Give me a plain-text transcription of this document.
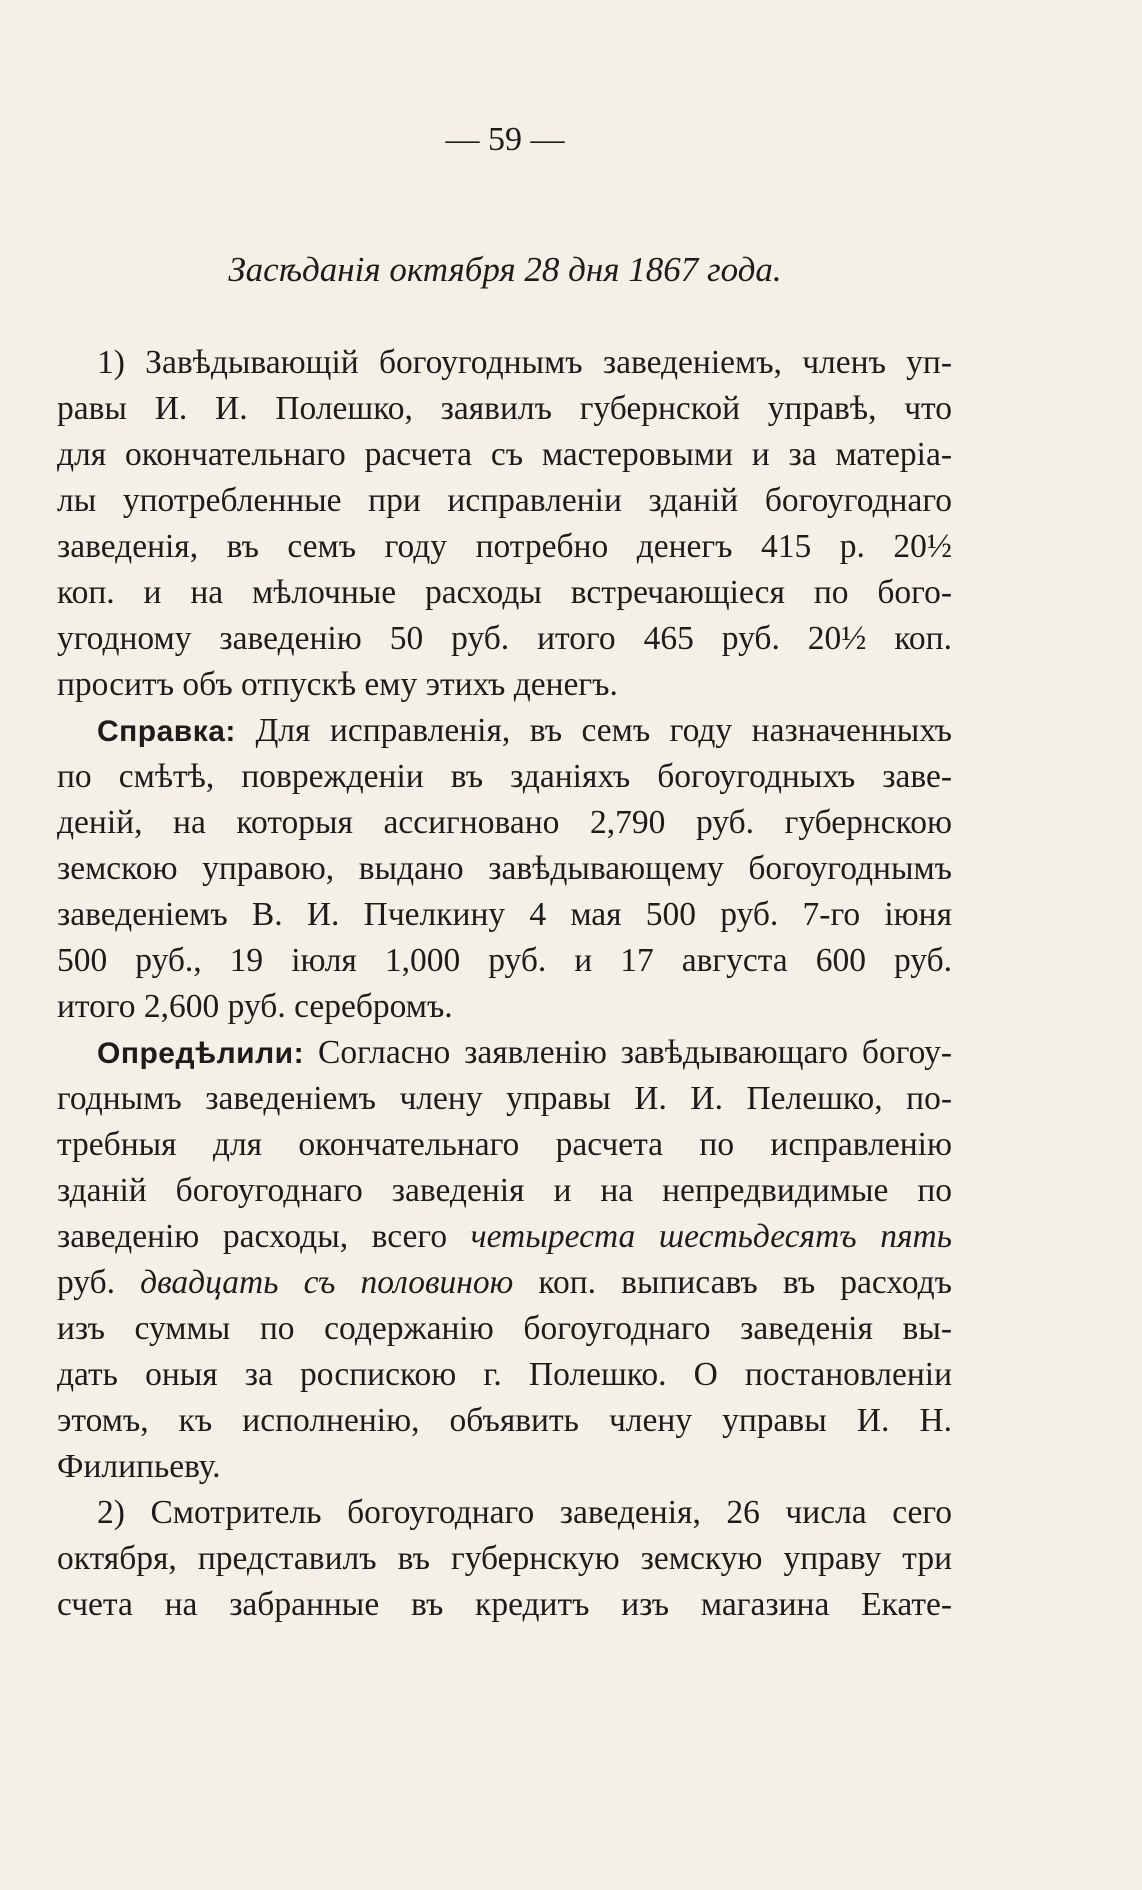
— 59 —
Засѣданія октября 28 дня 1867 года.
1) Завѣдывающій богоугоднымъ заведеніемъ, членъ уп-
равы И. И. Полешко, заявилъ губернской управѣ, что
для окончательнаго расчета съ мастеровыми и за матеріа-
лы употребленные при исправленіи зданій богоугоднаго
заведенія, въ семъ году потребно денегъ 415 р. 20½
коп. и на мѣлочные расходы встречающіеся по бого-
угодному заведенію 50 руб. итого 465 руб. 20½ коп.
проситъ объ отпускѣ ему этихъ денегъ.
Справка: Для исправленія, въ семъ году назначенныхъ
по смѣтѣ, поврежденіи въ зданіяхъ богоугодныхъ заве-
деній, на которыя ассигновано 2,790 руб. губернскою
земскою управою, выдано завѣдывающему богоугоднымъ
заведеніемъ В. И. Пчелкину 4 мая 500 руб. 7-го іюня
500 руб., 19 іюля 1,000 руб. и 17 августа 600 руб.
итого 2,600 руб. серебромъ.
Опредѣлили: Согласно заявленію завѣдывающаго богоу-
годнымъ заведеніемъ члену управы И. И. Пелешко, по-
требныя для окончательнаго расчета по исправленію
зданій богоугоднаго заведенія и на непредвидимые по
заведенію расходы, всего четыреста шестьдесятъ пять
руб. двадцать съ половиною коп. выписавъ въ расходъ
изъ суммы по содержанію богоугоднаго заведенія вы-
дать оныя за роспискою г. Полешко. О постановленіи
этомъ, къ исполненію, объявить члену управы И. Н.
Филипьеву.
2) Смотритель богоугоднаго заведенія, 26 числа сего
октября, представилъ въ губернскую земскую управу три
счета на забранные въ кредитъ изъ магазина Екате-
